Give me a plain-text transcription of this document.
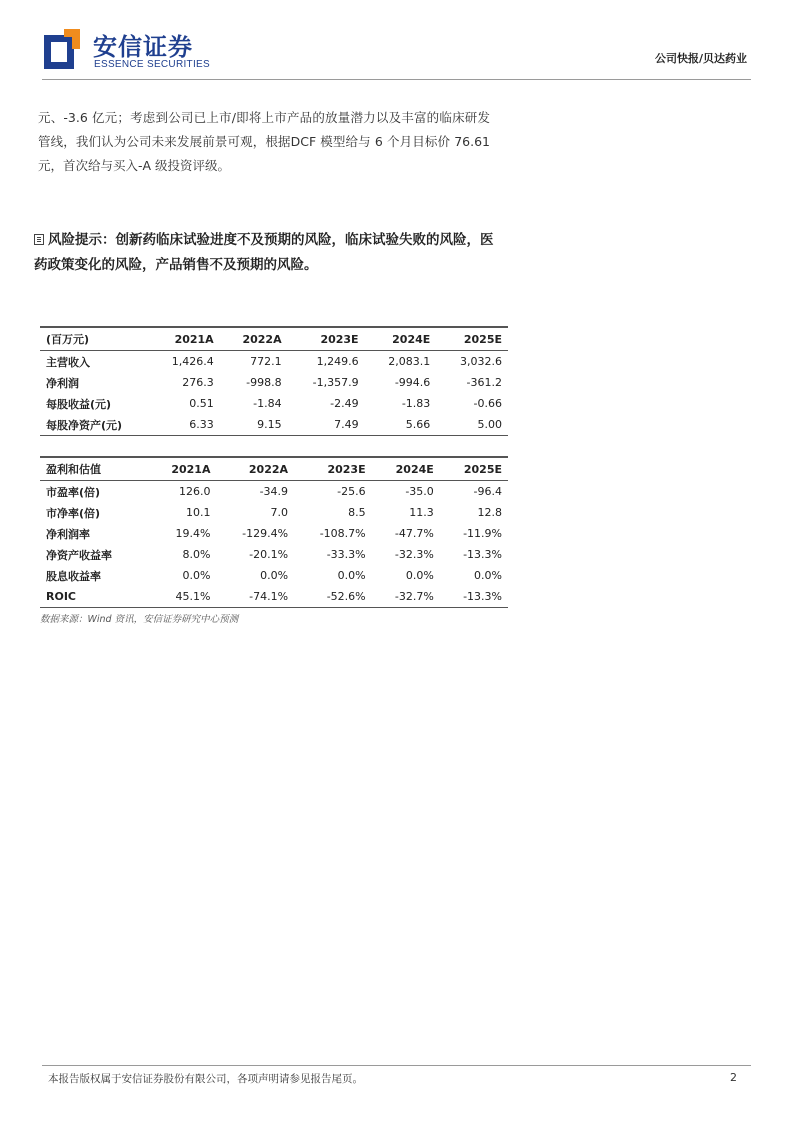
安信证券
ESSENCE SECURITIES	公司快报/贝达药业
元、-3.6 亿元；考虑到公司已上市/即将上市产品的放量潜力以及丰富的临床研发管线，我们认为公司未来发展前景可观，根据DCF 模型给与 6 个月目标价 76.61 元，首次给与买入-A 级投资评级。
风险提示：创新药临床试验进度不及预期的风险，临床试验失败的风险，医药政策变化的风险，产品销售不及预期的风险。
(百万元)	2021A	2022A	2023E	2024E	2025E
主营收入	1,426.4	772.1	1,249.6	2,083.1	3,032.6
净利润	276.3	-998.8	-1,357.9	-994.6	-361.2
每股收益(元)	0.51	-1.84	-2.49	-1.83	-0.66
每股净资产(元)	6.33	9.15	7.49	5.66	5.00
盈利和估值	2021A	2022A	2023E	2024E	2025E
市盈率(倍)	126.0	-34.9	-25.6	-35.0	-96.4
市净率(倍)	10.1	7.0	8.5	11.3	12.8
净利润率	19.4%	-129.4%	-108.7%	-47.7%	-11.9%
净资产收益率	8.0%	-20.1%	-33.3%	-32.3%	-13.3%
股息收益率	0.0%	0.0%	0.0%	0.0%	0.0%
ROIC	45.1%	-74.1%	-52.6%	-32.7%	-13.3%
数据来源：Wind 资讯，安信证券研究中心预测
本报告版权属于安信证券股份有限公司，各项声明请参见报告尾页。	2
